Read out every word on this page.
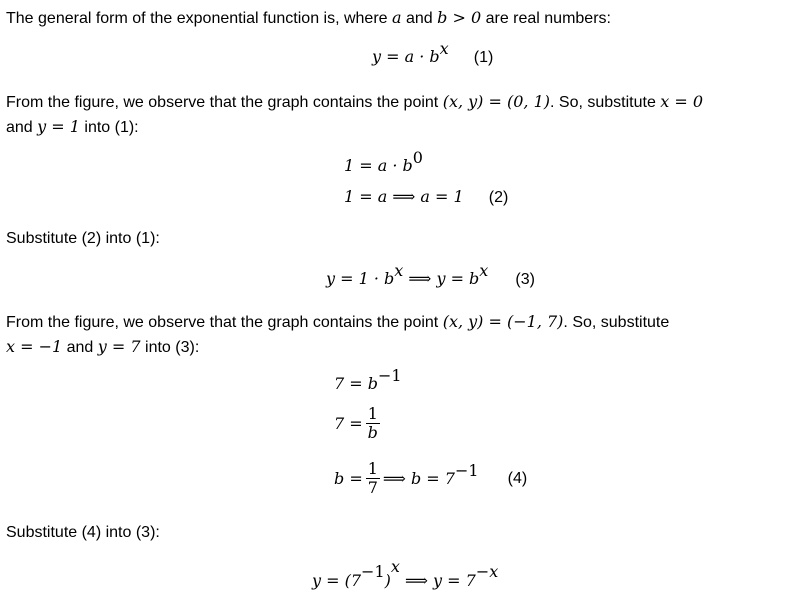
The general form of the exponential function is, where a and b > 0 are real numbers:
$y = a \cdot b^x$ (1)
From the figure, we observe that the graph contains the point (x, y) = (0, 1). So, substitute x = 0
and y = 1 into (1):
$1 = a \cdot b^0$
1 = a ⟹ a = 1 (2)
Substitute (2) into (1):
$y = 1 \cdot b^x$ ⟹ $y = b^x$ (3)
From the figure, we observe that the graph contains the point (x, y) = (−1, 7). So, substitute
x = −1 and y = 7 into (3):
$7 = b^{-1}$
$7 = \frac{1}{b}$
$b = \frac{1}{7}$ ⟹ $b = 7^{-1}$ (4)
Substitute (4) into (3):
$y = (7^{-1})^x$ ⟹ $y = 7^{-x}$
